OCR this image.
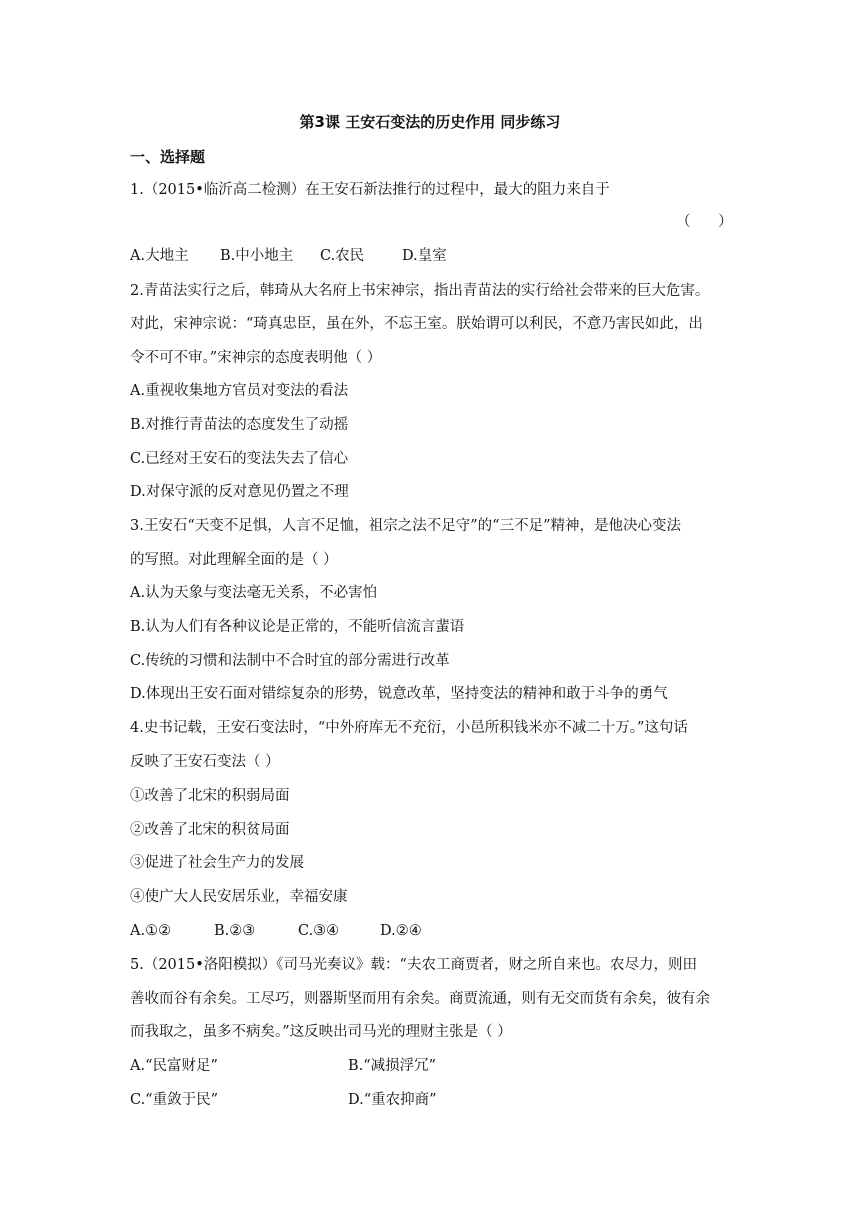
第3课 王安石变法的历史作用 同步练习
一、选择题
1.（2015•临沂高二检测）在王安石新法推行的过程中，最大的阻力来自于
（      ）
A.大地主 B.中小地主 C.农民	D.皇室
2.青苗法实行之后，韩琦从大名府上书宋神宗，指出青苗法的实行给社会带来的巨大危害。
对此，宋神宗说：“琦真忠臣，虽在外，不忘王室。朕始谓可以利民，不意乃害民如此，出
令不可不审。”宋神宗的态度表明他（ ）
A.重视收集地方官员对变法的看法
B.对推行青苗法的态度发生了动摇
C.已经对王安石的变法失去了信心
D.对保守派的反对意见仍置之不理
3.王安石“天变不足惧，人言不足恤，祖宗之法不足守”的“三不足”精神，是他决心变法
的写照。对此理解全面的是（ ）
A.认为天象与变法毫无关系，不必害怕
B.认为人们有各种议论是正常的，不能听信流言蜚语
C.传统的习惯和法制中不合时宜的部分需进行改革
D.体现出王安石面对错综复杂的形势，锐意改革，坚持变法的精神和敢于斗争的勇气
4.史书记载，王安石变法时，“中外府库无不充衍，小邑所积钱米亦不减二十万。”这句话
反映了王安石变法（ ）
①改善了北宋的积弱局面
②改善了北宋的积贫局面
③促进了社会生产力的发展
④使广大人民安居乐业，幸福安康
A.①②	B.②③	C.③④	D.②④
5.（2015•洛阳模拟）《司马光奏议》载：“夫农工商贾者，财之所自来也。农尽力，则田
善收而谷有余矣。工尽巧，则器斯坚而用有余矣。商贾流通，则有无交而货有余矣，彼有余
而我取之，虽多不病矣。”这反映出司马光的理财主张是（ ）
A.“民富财足”	B.“减损浮冗”
C.“重敛于民”	D.“重农抑商”
